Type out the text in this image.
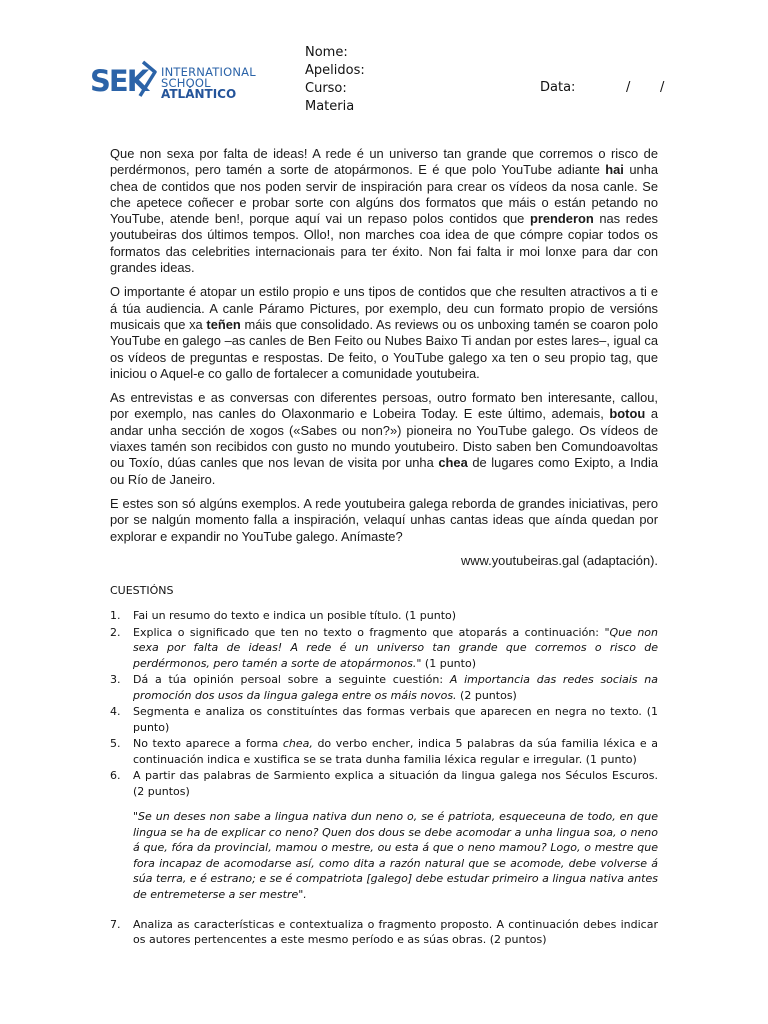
SEK	INTERNATIONAL
SCHOOL
ATLÁNTICO
Nome:
Apelidos:
Curso:
Materia
Data:	/ /

Que non sexa por falta de ideas! A rede é un universo tan grande que corremos o risco de perdérmonos, pero tamén a sorte de atopármonos. E é que polo YouTube adiante hai unha chea de contidos que nos poden servir de inspiración para crear os vídeos da nosa canle. Se che apetece coñecer e probar sorte con algúns dos formatos que máis o están petando no YouTube, atende ben!, porque aquí vai un repaso polos contidos que prenderon nas redes youtubeiras dos últimos tempos. Ollo!, non marches coa idea de que cómpre copiar todos os formatos das celebrities internacionais para ter éxito. Non fai falta ir moi lonxe para dar con grandes ideas.

O importante é atopar un estilo propio e uns tipos de contidos que che resulten atractivos a ti e á túa audiencia. A canle Páramo Pictures, por exemplo, deu cun formato propio de versións musicais que xa teñen máis que consolidado. As reviews ou os unboxing tamén se coaron polo YouTube en galego –as canles de Ben Feito ou Nubes Baixo Ti andan por estes lares–, igual ca os vídeos de preguntas e respostas. De feito, o YouTube galego xa ten o seu propio tag, que iniciou o Aquel-e co gallo de fortalecer a comunidade youtubeira.

As entrevistas e as conversas con diferentes persoas, outro formato ben interesante, callou, por exemplo, nas canles do Olaxonmario e Lobeira Today. E este último, ademais, botou a andar unha sección de xogos («Sabes ou non?») pioneira no YouTube galego. Os vídeos de viaxes tamén son recibidos con gusto no mundo youtubeiro. Disto saben ben Comundoavoltas ou Toxío, dúas canles que nos levan de visita por unha chea de lugares como Exipto, a India ou Río de Janeiro.

E estes son só algúns exemplos. A rede youtubeira galega reborda de grandes iniciativas, pero por se nalgún momento falla a inspiración, velaquí unhas cantas ideas que aínda quedan por explorar e expandir no YouTube galego. Anímaste?

www.youtubeiras.gal (adaptación).

CUESTIÓNS
1. Fai un resumo do texto e indica un posible título. (1 punto)
2. Explica o significado que ten no texto o fragmento que atoparás a continuación: "Que non sexa por falta de ideas! A rede é un universo tan grande que corremos o risco de perdérmonos, pero tamén a sorte de atopármonos." (1 punto)
3. Dá a túa opinión persoal sobre a seguinte cuestión: A importancia das redes sociais na promoción dos usos da lingua galega entre os máis novos. (2 puntos)
4. Segmenta e analiza os constituíntes das formas verbais que aparecen en negra no texto. (1 punto)
5. No texto aparece a forma chea, do verbo encher, indica 5 palabras da súa familia léxica e a continuación indica e xustifica se se trata dunha familia léxica regular e irregular. (1 punto)
6. A partir das palabras de Sarmiento explica a situación da lingua galega nos Séculos Escuros. (2 puntos)
"Se un deses non sabe a lingua nativa dun neno o, se é patriota, esqueceuna de todo, en que lingua se ha de explicar co neno? Quen dos dous se debe acomodar a unha lingua soa, o neno á que, fóra da provincial, mamou o mestre, ou esta á que o neno mamou? Logo, o mestre que fora incapaz de acomodarse así, como dita a razón natural que se acomode, debe volverse á súa terra, e é estrano; e se é compatriota [galego] debe estudar primeiro a lingua nativa antes de entremeterse a ser mestre".
7. Analiza as características e contextualiza o fragmento proposto. A continuación debes indicar os autores pertencentes a este mesmo período e as súas obras. (2 puntos)
